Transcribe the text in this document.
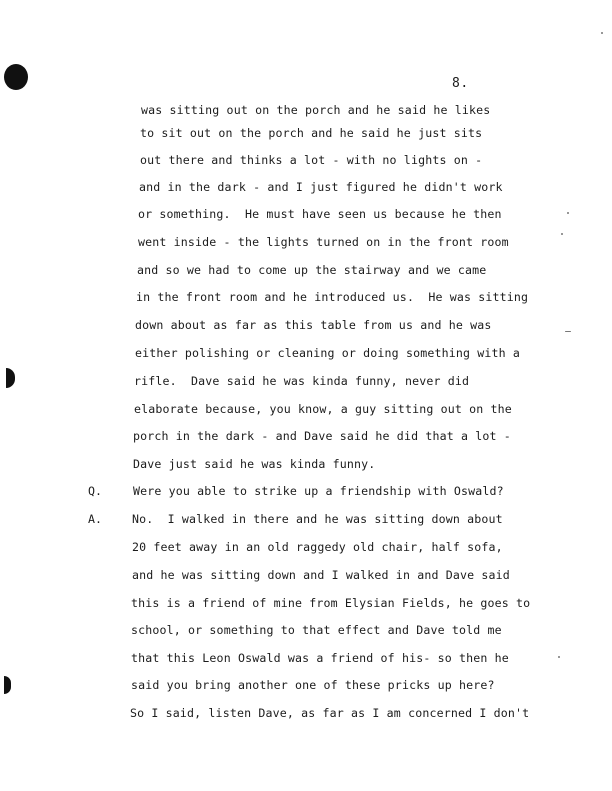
8.
was sitting out on the porch and he said he likes
to sit out on the porch and he said he just sits
out there and thinks a lot - with no lights on -
and in the dark - and I just figured he didn't work
or something.  He must have seen us because he then
went inside - the lights turned on in the front room
and so we had to come up the stairway and we came
in the front room and he introduced us.  He was sitting
down about as far as this table from us and he was
either polishing or cleaning or doing something with a
rifle.  Dave said he was kinda funny, never did
elaborate because, you know, a guy sitting out on the
porch in the dark - and Dave said he did that a lot -
Dave just said he was kinda funny.
Q.	Were you able to strike up a friendship with Oswald?
A.	No.  I walked in there and he was sitting down about
20 feet away in an old raggedy old chair, half sofa,
and he was sitting down and I walked in and Dave said
this is a friend of mine from Elysian Fields, he goes to
school, or something to that effect and Dave told me
that this Leon Oswald was a friend of his- so then he
said you bring another one of these pricks up here?
So I said, listen Dave, as far as I am concerned I don't
